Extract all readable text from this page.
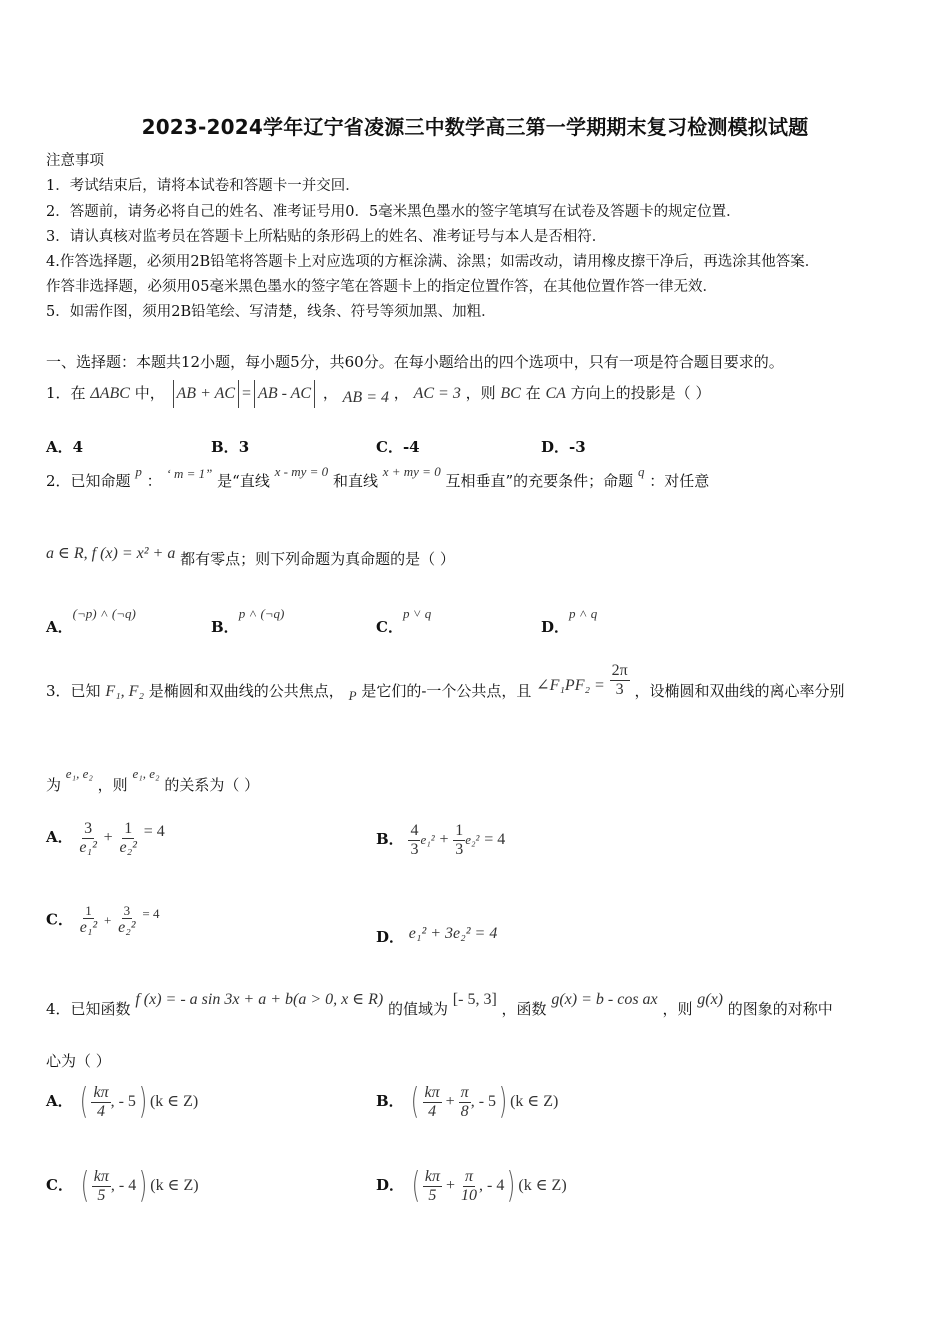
2023-2024学年辽宁省凌源三中数学高三第一学期期末复习检测模拟试题
注意事项
1．考试结束后，请将本试卷和答题卡一并交回．
2．答题前，请务必将自己的姓名、准考证号用0．5毫米黑色墨水的签字笔填写在试卷及答题卡的规定位置．
3．请认真核对监考员在答题卡上所粘贴的条形码上的姓名、准考证号与本人是否相符．
4.作答选择题，必须用2B铅笔将答题卡上对应选项的方框涂满、涂黑；如需改动，请用橡皮擦干净后，再选涂其他答案．
作答非选择题，必须用05毫米黑色墨水的签字笔在答题卡上的指定位置作答，在其他位置作答一律无效．
5．如需作图，须用2B铅笔绘、写清楚，线条、符号等须加黑、加粗．
一、选择题：本题共12小题，每小题5分，共60分。在每小题给出的四个选项中，只有一项是符合题目要求的。
1．在 ΔABC 中， AB + AC = AB - AC ， AB = 4 ， AC = 3 ，则 BC 在 CA 方向上的投影是（ ）
A．4	B．3	C．-4	D．-3
2．已知命题 p ： ‘ m = 1” 是“直线 x - my = 0 和直线 x + my = 0 互相垂直”的充要条件；命题 q ：对任意
a ∈ R, f (x) = x² + a 都有零点；则下列命题为真命题的是（ ）
A．(¬p) ˄ (¬q)
B．p ˄ (¬q)
C．p ˅ q
D．p ˄ q
3．已知 F₁, F₂ 是椭圆和双曲线的公共焦点， P 是它们的-一个公共点，且 ∠F₁PF₂ = $\frac{2\pi}{3}$ ，设椭圆和双曲线的离心率分别
为 e₁, e₂ ，则 e₁, e₂ 的关系为（ ）
A． $\frac{3}{\text{e₁²}} + \frac{1}{\text{e₂²}} = 4$	B． $\frac{4}{3} e_1^2 + \frac{1}{3} e_2^2 = 4$
C． $\frac{1}{\text{e₁²}} + \frac{3}{\text{e₂²}} = 4$
D． e₁² + 3e₂² = 4
4．已知函数 f (x) = - a sin 3x + a + b(a > 0, x ∈ R) 的值域为 [- 5, 3] ，函数 g(x) = b - cos ax ，则 g(x) 的图象的对称中
心为（ ）
A． ( $\frac{k\pi}{4}$ , - 5) (k ∈ Z)	B． ( $\frac{k\pi}{4} + \frac{\pi}{8}$ , - 5) (k ∈ Z)
C． ( $\frac{k\pi}{5}$ , - 4) (k ∈ Z)	D． ( $\frac{k\pi}{5} + \frac{\pi}{10}$ , - 4) (k ∈ Z)
